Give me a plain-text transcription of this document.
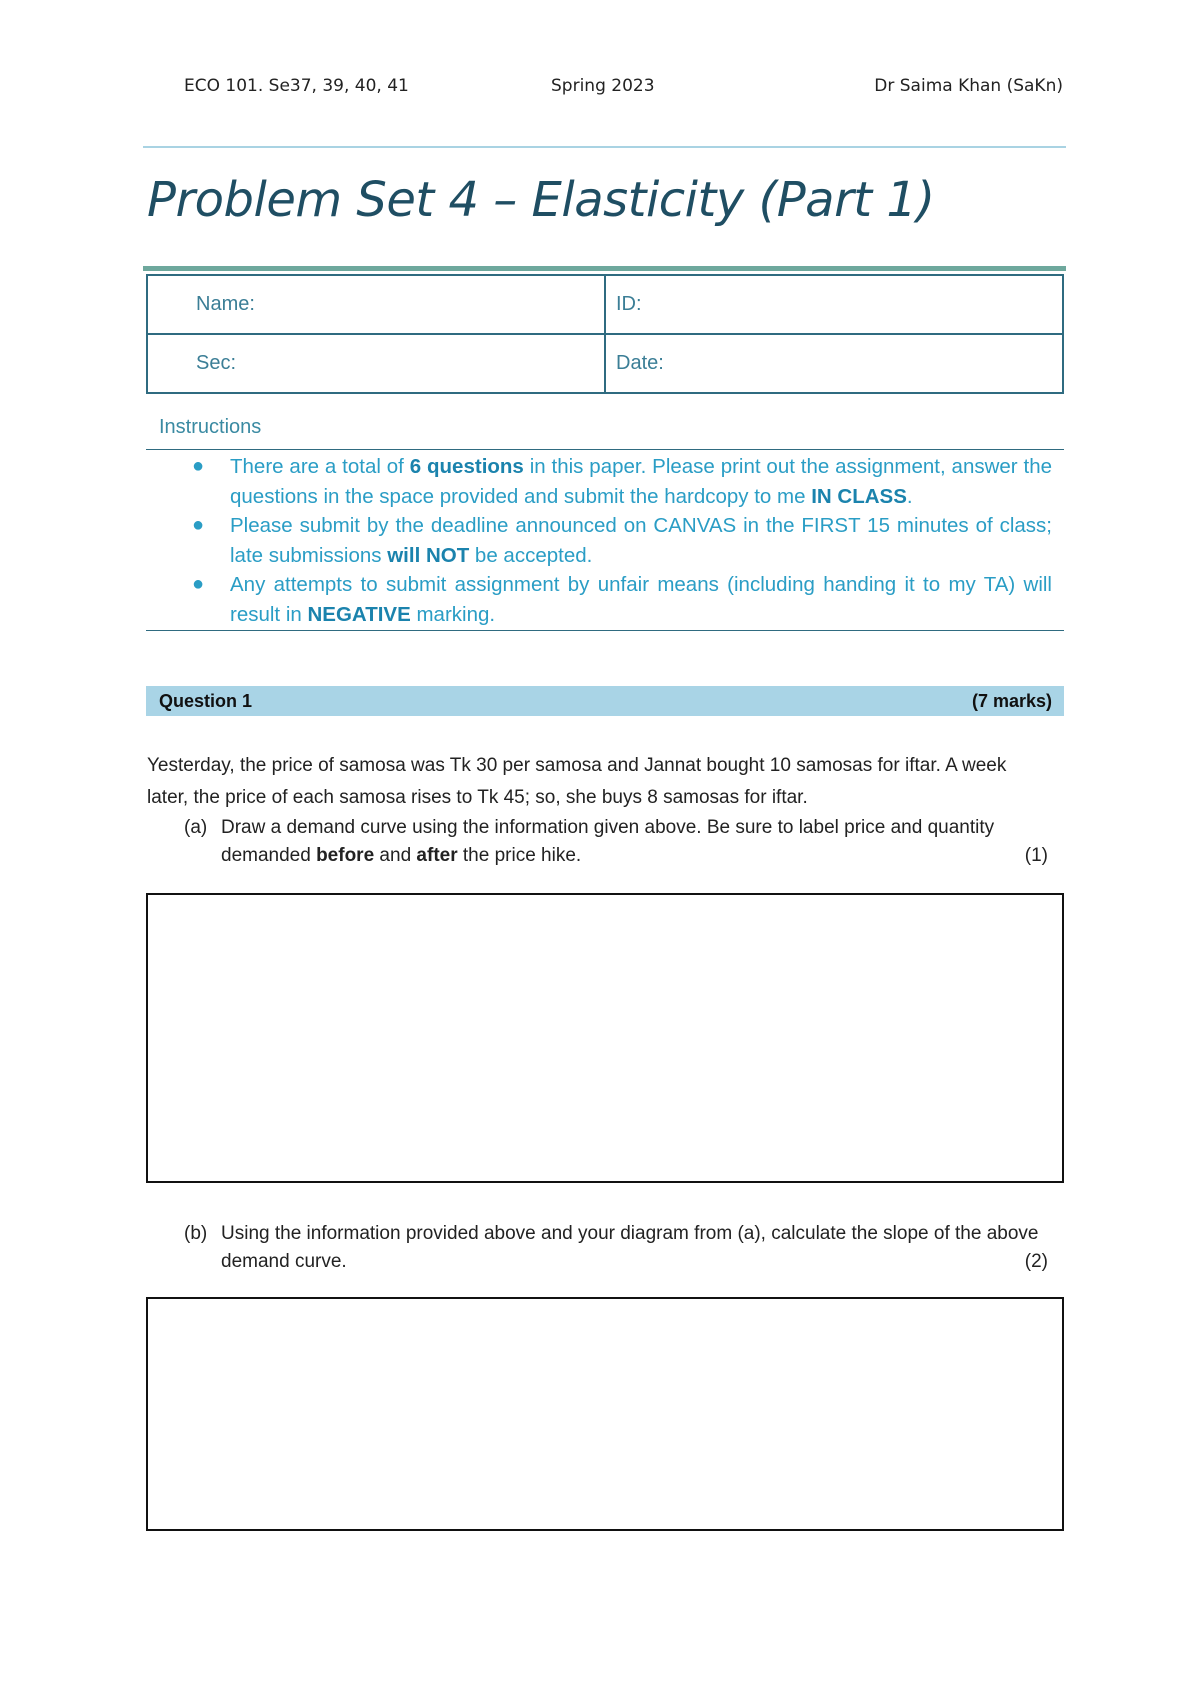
ECO 101. Se37, 39, 40, 41	Spring 2023	Dr Saima Khan (SaKn)
Problem Set 4 – Elasticity (Part 1)
Name:	ID:
Sec:	Date:
Instructions
● There are a total of 6 questions in this paper. Please print out the assignment, answer the questions in the space provided and submit the hardcopy to me IN CLASS.
● Please submit by the deadline announced on CANVAS in the FIRST 15 minutes of class; late submissions will NOT be accepted.
● Any attempts to submit assignment by unfair means (including handing it to my TA) will result in NEGATIVE marking.
Question 1	(7 marks)
Yesterday, the price of samosa was Tk 30 per samosa and Jannat bought 10 samosas for iftar. A week later, the price of each samosa rises to Tk 45; so, she buys 8 samosas for iftar.
(a) Draw a demand curve using the information given above. Be sure to label price and quantity demanded before and after the price hike.	(1)
(b) Using the information provided above and your diagram from (a), calculate the slope of the above demand curve.	(2)
